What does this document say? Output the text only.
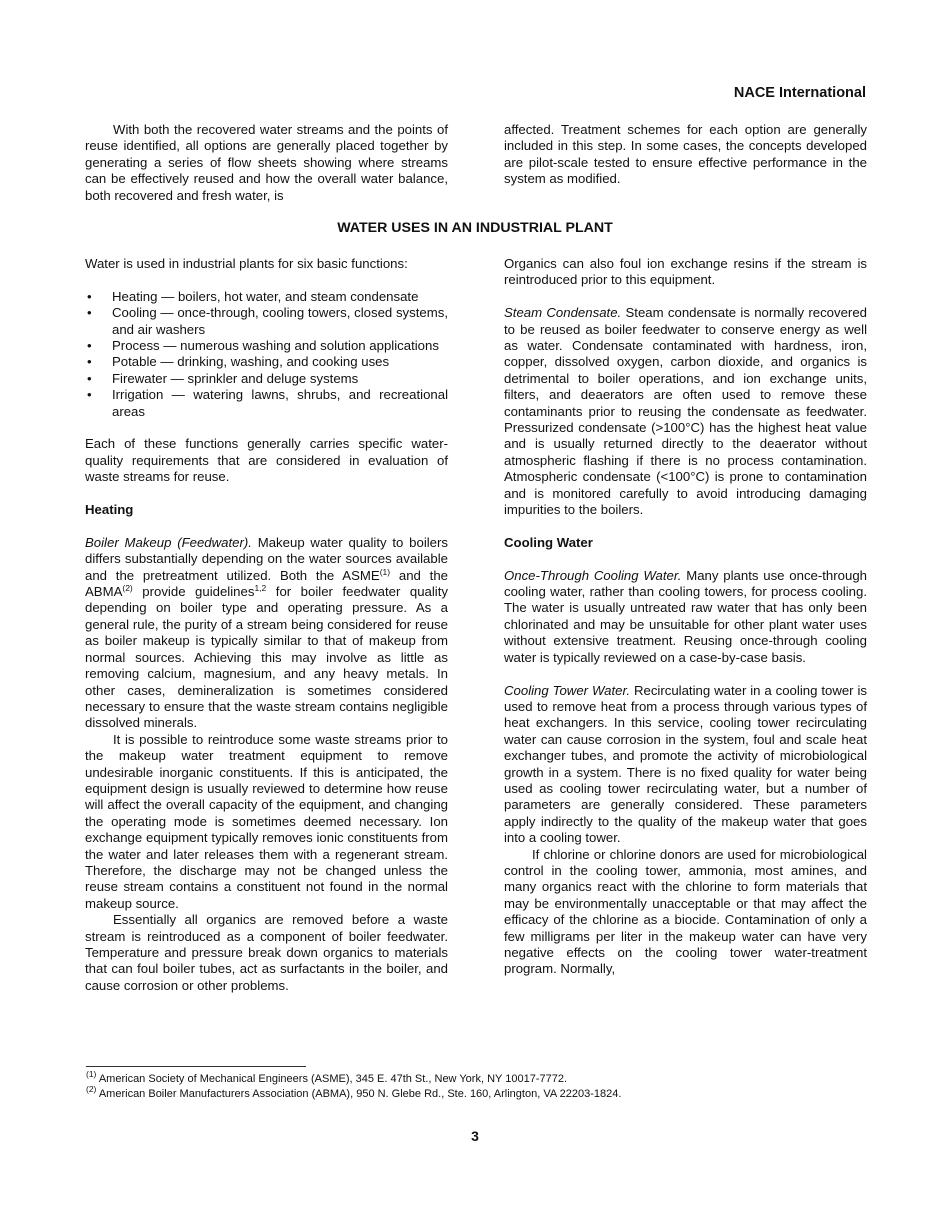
NACE International

With both the recovered water streams and the points of reuse identified, all options are generally placed together by generating a series of flow sheets showing where streams can be effectively reused and how the overall water balance, both recovered and fresh water, is

affected. Treatment schemes for each option are generally included in this step. In some cases, the concepts developed are pilot-scale tested to ensure effective performance in the system as modified.

WATER USES IN AN INDUSTRIAL PLANT

Water is used in industrial plants for six basic functions:

• Heating — boilers, hot water, and steam condensate
• Cooling — once-through, cooling towers, closed systems, and air washers
• Process — numerous washing and solution applications
• Potable — drinking, washing, and cooking uses
• Firewater — sprinkler and deluge systems
• Irrigation — watering lawns, shrubs, and recreational areas

Each of these functions generally carries specific water-quality requirements that are considered in evaluation of waste streams for reuse.

Heating

Boiler Makeup (Feedwater). Makeup water quality to boilers differs substantially depending on the water sources available and the pretreatment utilized. Both the ASME$^{(1)}$ and the ABMA$^{(2)}$ provide guidelines$^{1,2}$ for boiler feedwater quality depending on boiler type and operating pressure. As a general rule, the purity of a stream being considered for reuse as boiler makeup is typically similar to that of makeup from normal sources. Achieving this may involve as little as removing calcium, magnesium, and any heavy metals. In other cases, demineralization is sometimes considered necessary to ensure that the waste stream contains negligible dissolved minerals.

It is possible to reintroduce some waste streams prior to the makeup water treatment equipment to remove undesirable inorganic constituents. If this is anticipated, the equipment design is usually reviewed to determine how reuse will affect the overall capacity of the equipment, and changing the operating mode is sometimes deemed necessary. Ion exchange equipment typically removes ionic constituents from the water and later releases them with a regenerant stream. Therefore, the discharge may not be changed unless the reuse stream contains a constituent not found in the normal makeup source.

Essentially all organics are removed before a waste stream is reintroduced as a component of boiler feedwater. Temperature and pressure break down organics to materials that can foul boiler tubes, act as surfactants in the boiler, and cause corrosion or other problems.

Organics can also foul ion exchange resins if the stream is reintroduced prior to this equipment.

Steam Condensate. Steam condensate is normally recovered to be reused as boiler feedwater to conserve energy as well as water. Condensate contaminated with hardness, iron, copper, dissolved oxygen, carbon dioxide, and organics is detrimental to boiler operations, and ion exchange units, filters, and deaerators are often used to remove these contaminants prior to reusing the condensate as feedwater. Pressurized condensate (>100°C) has the highest heat value and is usually returned directly to the deaerator without atmospheric flashing if there is no process contamination. Atmospheric condensate (<100°C) is prone to contamination and is monitored carefully to avoid introducing damaging impurities to the boilers.

Cooling Water

Once-Through Cooling Water. Many plants use once-through cooling water, rather than cooling towers, for process cooling. The water is usually untreated raw water that has only been chlorinated and may be unsuitable for other plant water uses without extensive treatment. Reusing once-through cooling water is typically reviewed on a case-by-case basis.

Cooling Tower Water. Recirculating water in a cooling tower is used to remove heat from a process through various types of heat exchangers. In this service, cooling tower recirculating water can cause corrosion in the system, foul and scale heat exchanger tubes, and promote the activity of microbiological growth in a system. There is no fixed quality for water being used as cooling tower recirculating water, but a number of parameters are generally considered. These parameters apply indirectly to the quality of the makeup water that goes into a cooling tower.

If chlorine or chlorine donors are used for microbiological control in the cooling tower, ammonia, most amines, and many organics react with the chlorine to form materials that may be environmentally unacceptable or that may affect the efficacy of the chlorine as a biocide. Contamination of only a few milligrams per liter in the makeup water can have very negative effects on the cooling tower water-treatment program. Normally,

$^{(1)}$ American Society of Mechanical Engineers (ASME), 345 E. 47th St., New York, NY 10017-7772.
$^{(2)}$ American Boiler Manufacturers Association (ABMA), 950 N. Glebe Rd., Ste. 160, Arlington, VA 22203-1824.
3
